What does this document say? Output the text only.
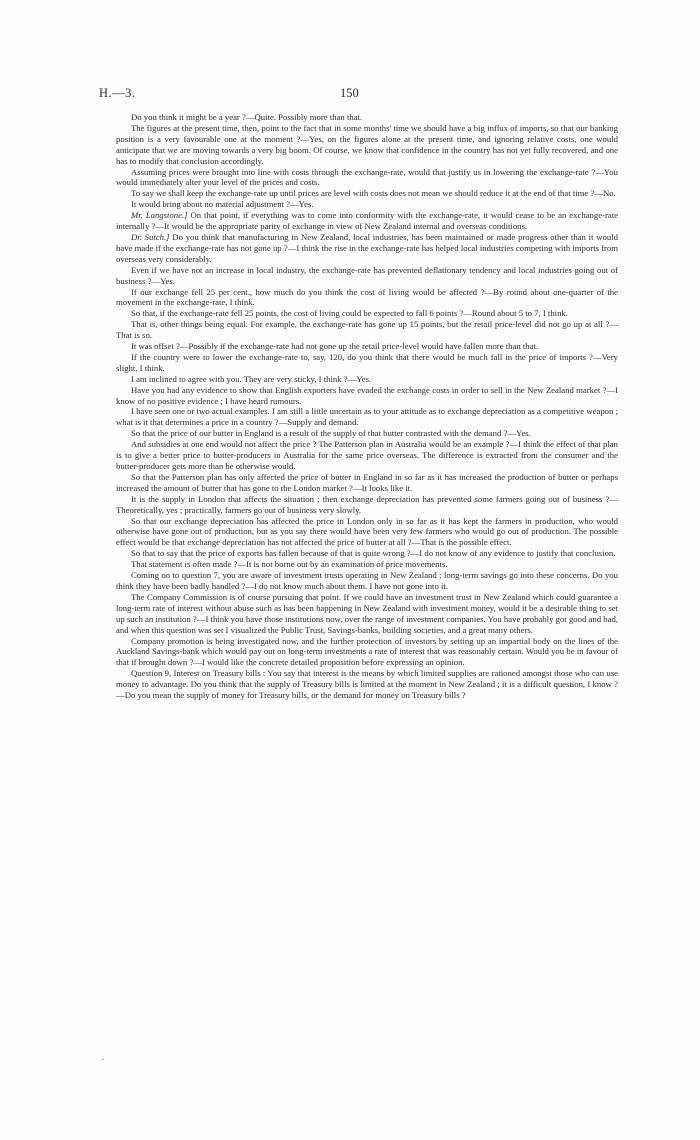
H.—3.	150

Do you think it might be a year ?—Quite. Possibly more than that.

The figures at the present time, then, point to the fact that in some months' time we should have a big influx of imports, so that our banking position is a very favourable one at the moment ?—Yes, on the figures alone at the present time, and ignoring relative costs, one would anticipate that we are moving towards a very big boom. Of course, we know that confidence in the country has not yet fully recovered, and one has to modify that conclusion accordingly.

Assuming prices were brought into line with costs through the exchange-rate, would that justify us in lowering the exchange-rate ?—You would immediately alter your level of the prices and costs.

To say we shall keep the exchange-rate up until prices are level with costs does not mean we should reduce it at the end of that time ?—No.

It would bring about no material adjustment ?—Yes.

Mr. Langstone.] On that point, if everything was to come into conformity with the exchange-rate, it would cease to be an exchange-rate internally ?—It would be the appropriate parity of exchange in view of New Zealand internal and overseas conditions.

Dr. Sutch.] Do you think that manufacturing in New Zealand, local industries, has been maintained or made progress other than it would have made if the exchange-rate has not gone up ?—I think the rise in the exchange-rate has helped local industries competing with imports from overseas very considerably.

Even if we have not an increase in local industry, the exchange-rate has prevented deflationary tendency and local industries going out of business ?—Yes.

If our exchange fell 25 per cent., how much do you think the cost of living would be affected ?—By round about one-quarter of the movement in the exchange-rate, I think.

So that, if the exchange-rate fell 25 points, the cost of living could be expected to fall 6 points ?—Round about 5 to 7, I think.

That is, other things being equal. For example, the exchange-rate has gone up 15 points, but the retail price-level did not go up at all ?—That is so.

It was offset ?—Possibly if the exchange-rate had not gone up the retail price-level would have fallen more than that.

If the country were to lower the exchange-rate to, say, 120, do you think that there would be much fall in the price of imports ?—Very slight, I think.

I am inclined to agree with you. They are very sticky, I think ?—Yes.

Have you had any evidence to show that English exporters have evaded the exchange costs in order to sell in the New Zealand market ?—I know of no positive evidence ; I have heard rumours.

I have seen one or two actual examples. I am still a little uncertain as to your attitude as to exchange depreciation as a competitive weapon ; what is it that determines a price in a country ?—Supply and demand.

So that the price of our butter in England is a result of the supply of that butter contrasted with the demand ?—Yes.

And subsidies at one end would not affect the price ? The Patterson plan in Australia would be an example ?—I think the effect of that plan is to give a better price to butter-producers in Australia for the same price overseas. The difference is extracted from the consumer and the butter-producer gets more than he otherwise would.

So that the Patterson plan has only affected the price of butter in England in so far as it has increased the production of butter or perhaps increased the amount of butter that has gone to the London market ?—It looks like it.

It is the supply in London that affects the situation ; then exchange depreciation has prevented some farmers going out of business ?—Theoretically, yes ; practically, farmers go out of business very slowly.

So that our exchange depreciation has affected the price in London only in so far as it has kept the farmers in production, who would otherwise have gone out of production, but as you say there would have been very few farmers who would go out of production. The possible effect would be that exchange depreciation has not affected the price of butter at all ?—That is the possible effect.

So that to say that the price of exports has fallen because of that is quite wrong ?—I do not know of any evidence to justify that conclusion.

That statement is often made ?—It is not borne out by an examination of price movements.

Coming on to question 7, you are aware of investment trusts operating in New Zealand ; long-term savings go into these concerns. Do you think they have been badly handled ?—I do not know much about them. I have not gone into it.

The Company Commission is of course pursuing that point. If we could have an investment trust in New Zealand which could guarantee a long-term rate of interest without abuse such as has been happening in New Zealand with investment money, would it be a desirable thing to set up such an institution ?—I think you have those institutions now, over the range of investment companies. You have probably got good and bad, and when this question was set I visualized the Public Trust, Savings-banks, building societies, and a great many others.

Company promotion is being investigated now, and the further protection of investors by setting up an impartial body on the lines of the Auckland Savings-bank which would pay out on long-term investments a rate of interest that was reasonably certain. Would you be in favour of that if brought down ?—I would like the concrete detailed proposition before expressing an opinion.

Question 9, Interest on Treasury bills : You say that interest is the means by which limited supplies are rationed amongst those who can use money to advantage. Do you think that the supply of Treasury bills is limited at the moment in New Zealand ; it is a difficult question, I know ?—Do you mean the supply of money for Treasury bills, or the demand for money on Treasury bills ?

.
